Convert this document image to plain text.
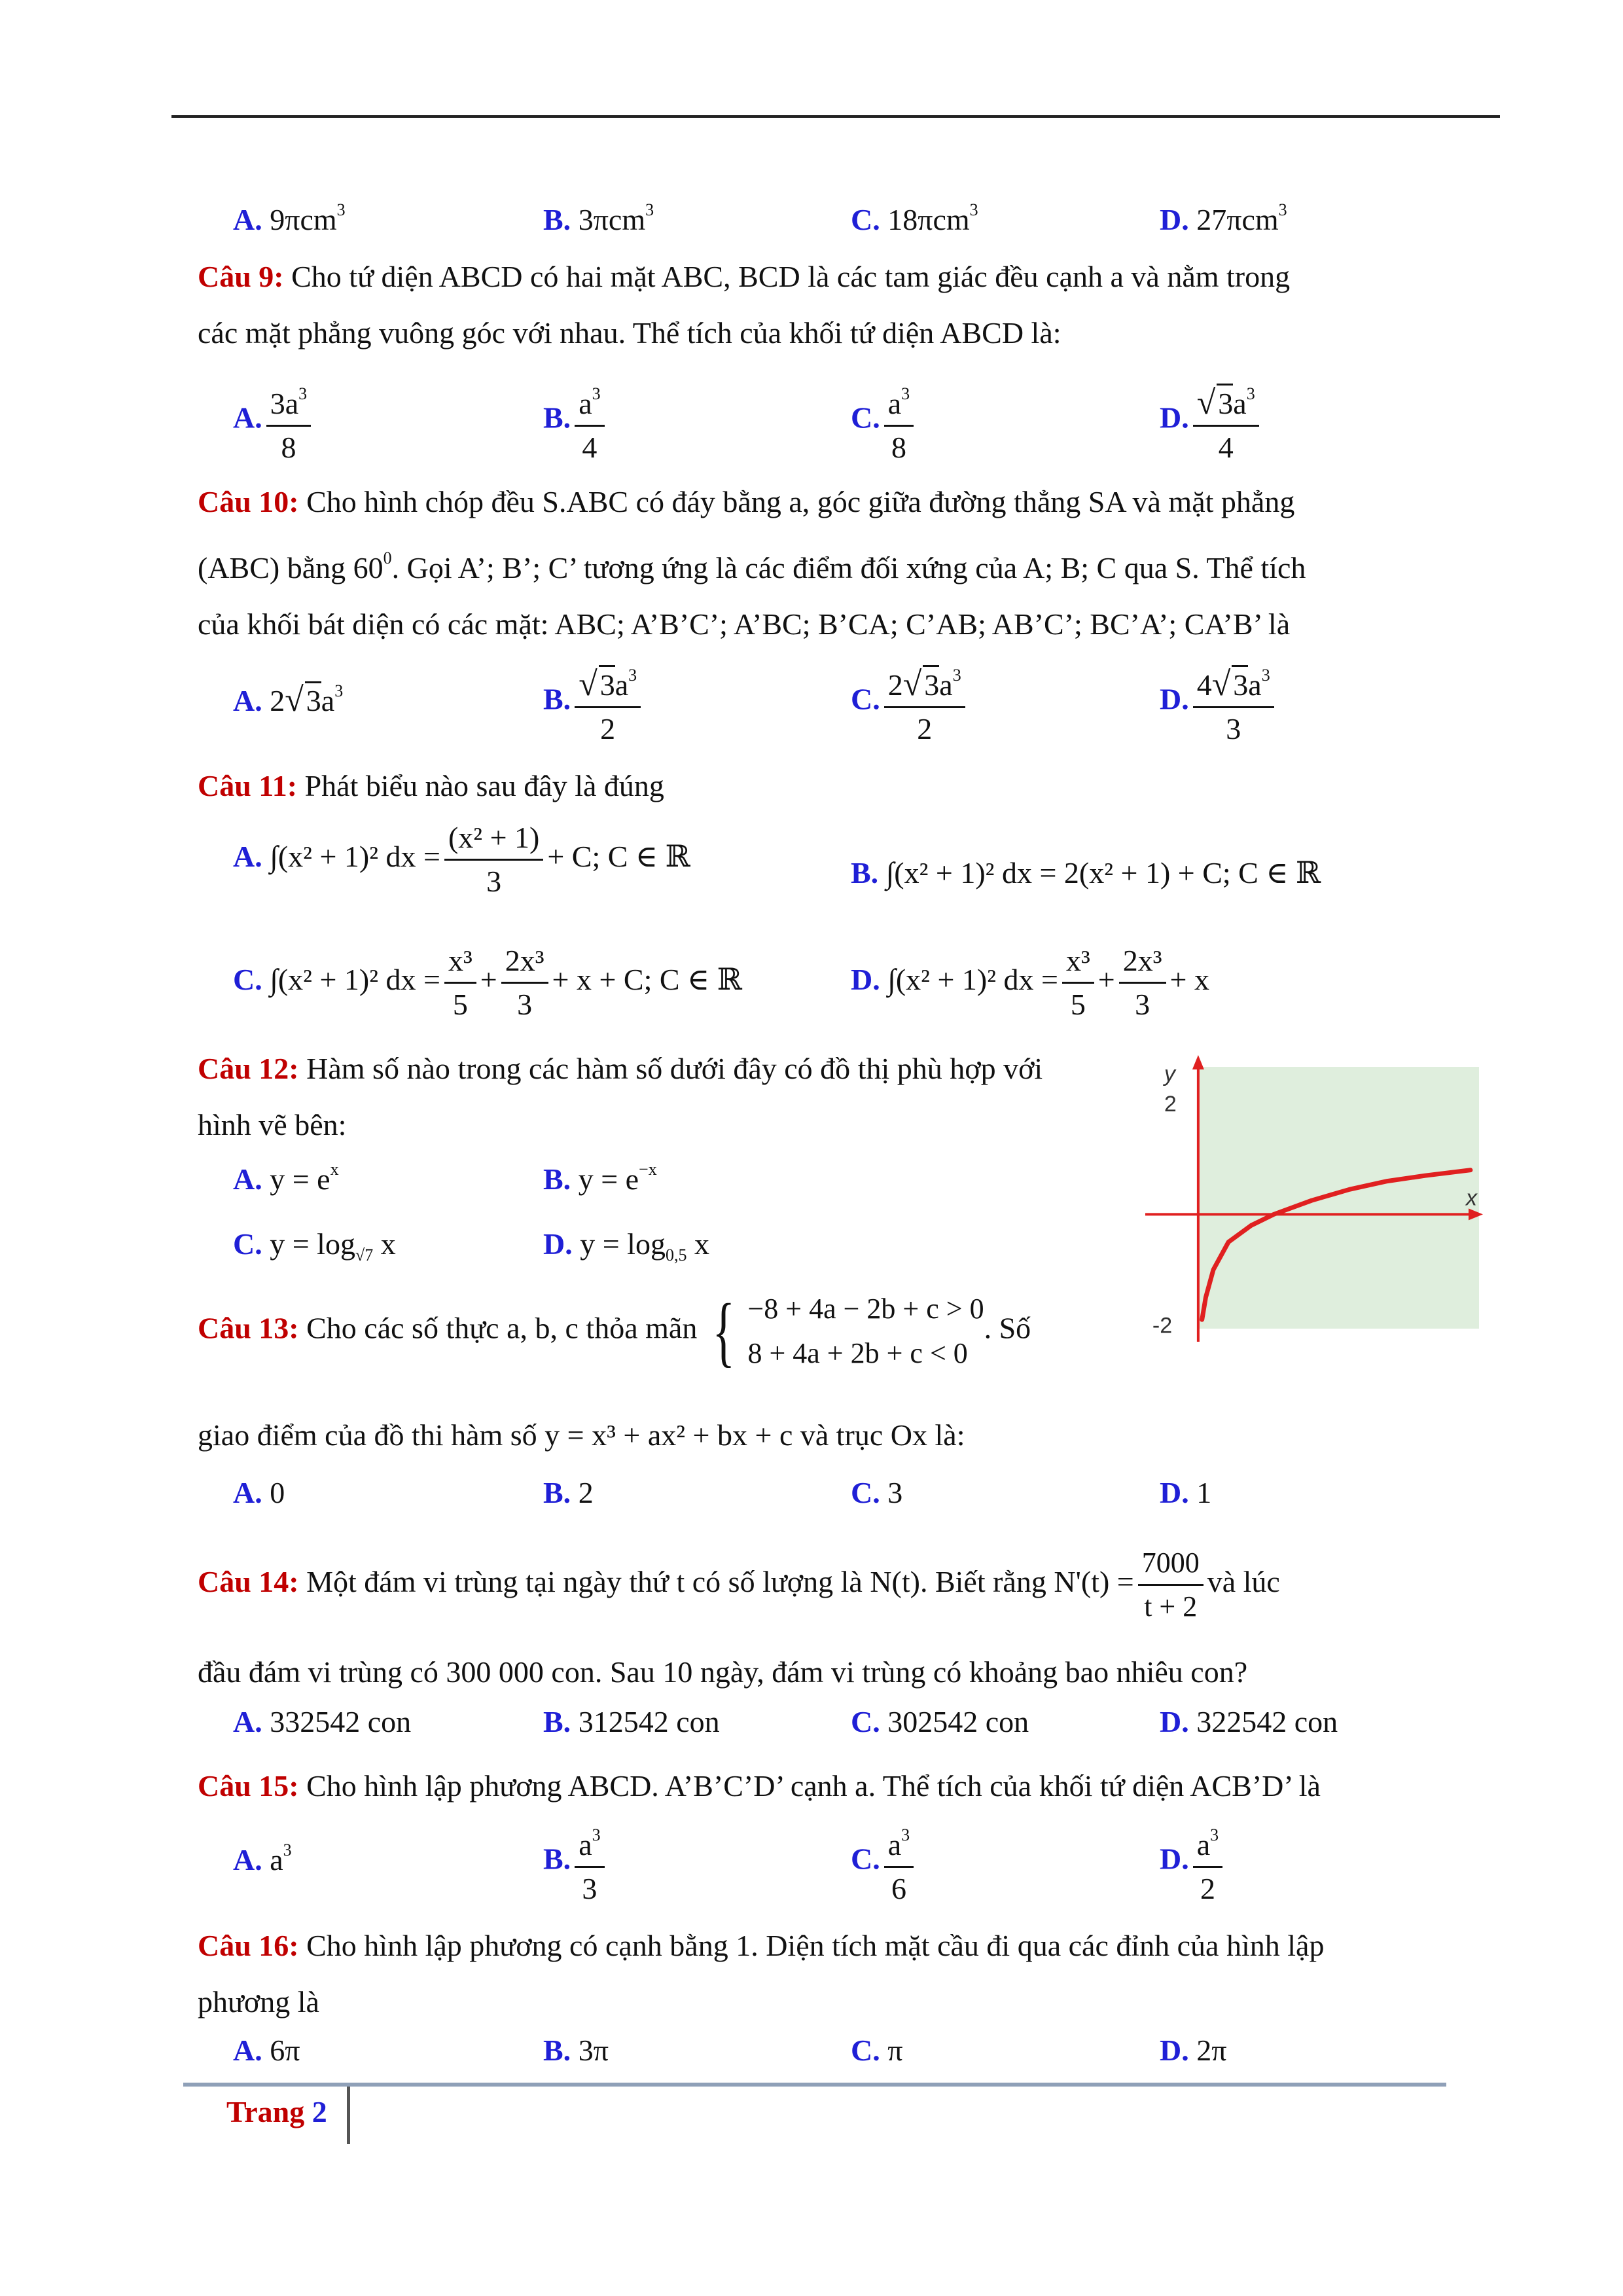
A. 9πcm$^3$	B. 3πcm$^3$	C. 18πcm$^3$	D. 27πcm$^3$
Câu 9: Cho tứ diện ABCD có hai mặt ABC, BCD là các tam giác đều cạnh a và nằm trong
các mặt phẳng vuông góc với nhau. Thể tích của khối tứ diện ABCD là:
A. $\frac{3a^3}{8}$	B. $\frac{a^3}{4}$	C. $\frac{a^3}{8}$	D. $\frac{√3a^3}{4}$
Câu 10: Cho hình chóp đều S.ABC có đáy bằng a, góc giữa đường thẳng SA và mặt phẳng
(ABC) bằng $60^0$. Gọi A’; B’; C’ tương ứng là các điểm đối xứng của A; B; C qua S. Thể tích
của khối bát diện có các mặt: ABC; A’B’C’; A’BC; B’CA; C’AB; AB’C’; BC’A’; CA’B’ là
A. $2√3a^3$	B. $\frac{√3a^3}{2}$	C. $\frac{2√3a^3}{2}$	D. $\frac{4√3a^3}{3}$
Câu 11: Phát biểu nào sau đây là đúng
A. ∫(x² + 1)² dx = $\frac{\text{(x² + 1)}}{3} + C$; C ∈ ℝ	B. ∫(x² + 1)² dx = 2(x² + 1) + C; C ∈ ℝ
C. ∫(x² + 1)² dx = $\frac{\text{x³}}{5} + \frac{\text{2x³}}{3} + x + C$; C ∈ ℝ	D. ∫(x² + 1)² dx = $\frac{\text{x³}}{5} + \frac{\text{2x³}}{3} + x$
Câu 12: Hàm số nào trong các hàm số dưới đây có đồ thị phù hợp với
hình vẽ bên:
A. $y = e^x$	B. $y = e^{-x}$
C. $y = \log_{√7} x$	D. $y = \log_{0,5} x$
y
x
2
-2
Câu 13: Cho các số thực a, b, c thỏa mãn { −8 + 4a − 2b + c > 0
8 + 4a + 2b + c < 0
. Số
giao điểm của đồ thi hàm số y = x³ + ax² + bx + c và trục Ox là:
A. 0	B. 2	C. 3	D. 1
Câu 14: Một đám vi trùng tại ngày thứ t có số lượng là N(t). Biết rằng $N'(t) = \frac{7000}{t + 2}$ và lúc
đầu đám vi trùng có 300 000 con. Sau 10 ngày, đám vi trùng có khoảng bao nhiêu con?
A. 332542 con	B. 312542 con	C. 302542 con	D. 322542 con
Câu 15: Cho hình lập phương ABCD. A’B’C’D’ cạnh a. Thể tích của khối tứ diện ACB’D’ là
A. $a^3$	B. $\frac{a^3}{3}$	C. $\frac{a^3}{6}$	D. $\frac{a^3}{2}$
Câu 16: Cho hình lập phương có cạnh bằng 1. Diện tích mặt cầu đi qua các đỉnh của hình lập
phương là
A. 6π	B. 3π	C. π	D. 2π
Trang 2
